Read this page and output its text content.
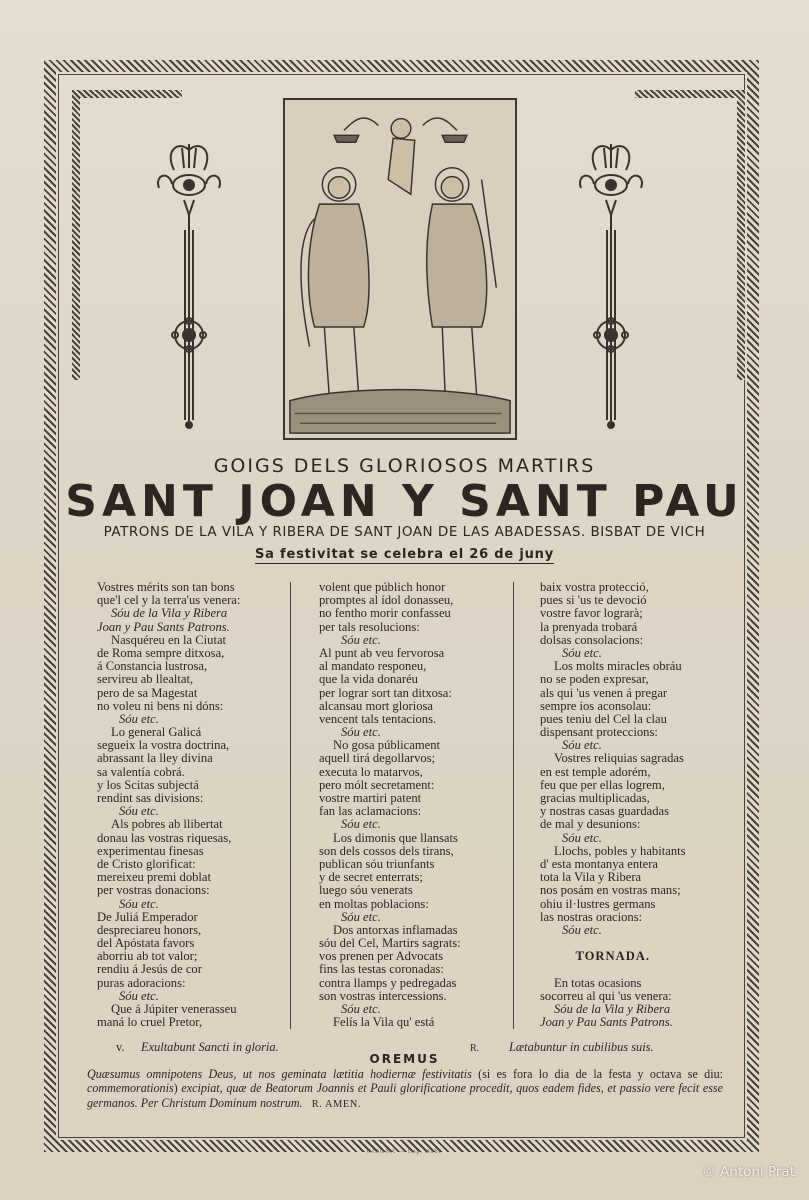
GOIGS DELS GLORIOSOS MARTIRS
SANT JOAN Y SANT PAU
PATRONS DE LA VILA Y RIBERA DE SANT JOAN DE LAS ABADESSAS. BISBAT DE VICH
Sa festivitat se celebra el 26 de juny
Vostres mérits son tan bons
que'l cel y la terra'us venera:
Sóu de la Vila y Ribera
Joan y Pau Sants Patrons.
Nasquéreu en la Ciutat
de Roma sempre ditxosa,
á Constancia lustrosa,
servireu ab llealtat,
pero de sa Magestat
no voleu ni bens ni dóns:
Sóu etc.
Lo general Galicá
segueix la vostra doctrina,
abrassant la lley divina
sa valentía cobrá.
y los Scitas subjectá
rendint sas divisions:
Sóu etc.
Als pobres ab llibertat
donau las vostras riquesas,
experimentau finesas
de Cristo glorificat:
mereixeu premi doblat
per vostras donacions:
Sóu etc.
De Juliá Emperador
despreciareu honors,
del Apóstata favors
aborriu ab tot valor;
rendiu á Jesús de cor
puras adoracions:
Sóu etc.
Que á Júpiter venerasseu
maná lo cruel Pretor,
volent que públich honor
promptes al ídol donasseu,
no fentho morir confasseu
per tals resolucions:
Sóu etc.
Al punt ab veu fervorosa
al mandato responeu,
que la vida donaréu
per lograr sort tan ditxosa:
alcansau mort gloriosa
vencent tals tentacions.
Sóu etc.
No gosa públicament
aquell tirá degollarvos;
executa lo matarvos,
pero mólt secretament:
vostre martiri patent
fan las aclamacions:
Sóu etc.
Los dimonis que llansats
son dels cossos dels tirans,
publican sóu triunfants
y de secret enterrats;
luego sóu venerats
en moltas poblacions:
Sóu etc.
Dos antorxas inflamadas
sóu del Cel, Martirs sagrats:
vos prenen per Advocats
fins las testas coronadas:
contra llamps y pedregadas
son vostras intercessions.
Sóu etc.
Felís la Vila qu' está
baix vostra protecció,
pues si 'us te devoció
vostre favor lograrà;
la prenyada trobará
dolsas consolacions:
Sóu etc.
Los molts miracles obráu
no se poden expresar,
als qui 'us venen á pregar
sempre ios aconsolau:
pues teniu del Cel la clau
dispensant proteccions:
Sóu etc.
Vostres reliquias sagradas
en est temple adorém,
feu que per ellas logrem,
gracias multiplicadas,
y nostras casas guardadas
de mal y desunions:
Sóu etc.
Llochs, pobles y habitants
d' esta montanya entera
tota la Vila y Ribera
nos posám en vostras mans;
ohiu il·lustres germans
las nostras oracions:
Sóu etc.
TORNADA.
En totas ocasions
socorreu al qui 'us venera:
Sóu de la Vila y Ribera
Joan y Pau Sants Patrons.
v. Exultabunt Sancti in gloria.	R. Lætabuntur in cubilibus suis.
OREMUS
Quæsumus omnipotens Deus, ut nos geminata lætitia hodiernæ festivitatis (si es fora lo dia de la festa y octava se diu: commemorationis) excipiat, quæ de Beatorum Joannis et Pauli glorificatione procedit, quos eadem fides, et passio vere fecit esse germanos. Per Christum Dominum nostrum. R. AMEN.
GIRONA — Imp. Bohé
© Antoni Prat
